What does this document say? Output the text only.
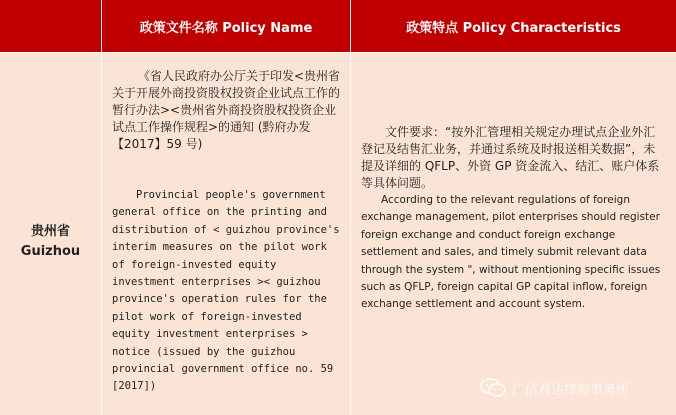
政策文件名称 Policy Name	政策特点 Policy Characteristics
贵州省
Guizhou
《省人民政府办公厅关于印发<贵州省关于开展外商投资股权投资企业试点工作的暂行办法><贵州省外商投资股权投资企业试点工作操作规程>的通知 (黔府办发【2017】59 号)
Provincial people's government general office on the printing and distribution of < guizhou province's interim measures on the pilot work of foreign-invested equity investment enterprises >< guizhou province's operation rules for the pilot work of foreign-invested equity investment enterprises > notice (issued by the guizhou provincial government office no. 59 [2017])
文件要求：“按外汇管理相关规定办理试点企业外汇登记及结售汇业务，并通过系统及时报送相关数据”，未提及详细的 QFLP、外资 GP 资金流入、结汇、账户体系等具体问题。
According to the relevant regulations of foreign exchange management, pilot enterprises should register foreign exchange and conduct foreign exchange settlement and sales, and timely submit relevant data through the system ", without mentioning specific issues such as QFLP, foreign capital GP capital inflow, foreign exchange settlement and account system.
广信君达律师事务所
